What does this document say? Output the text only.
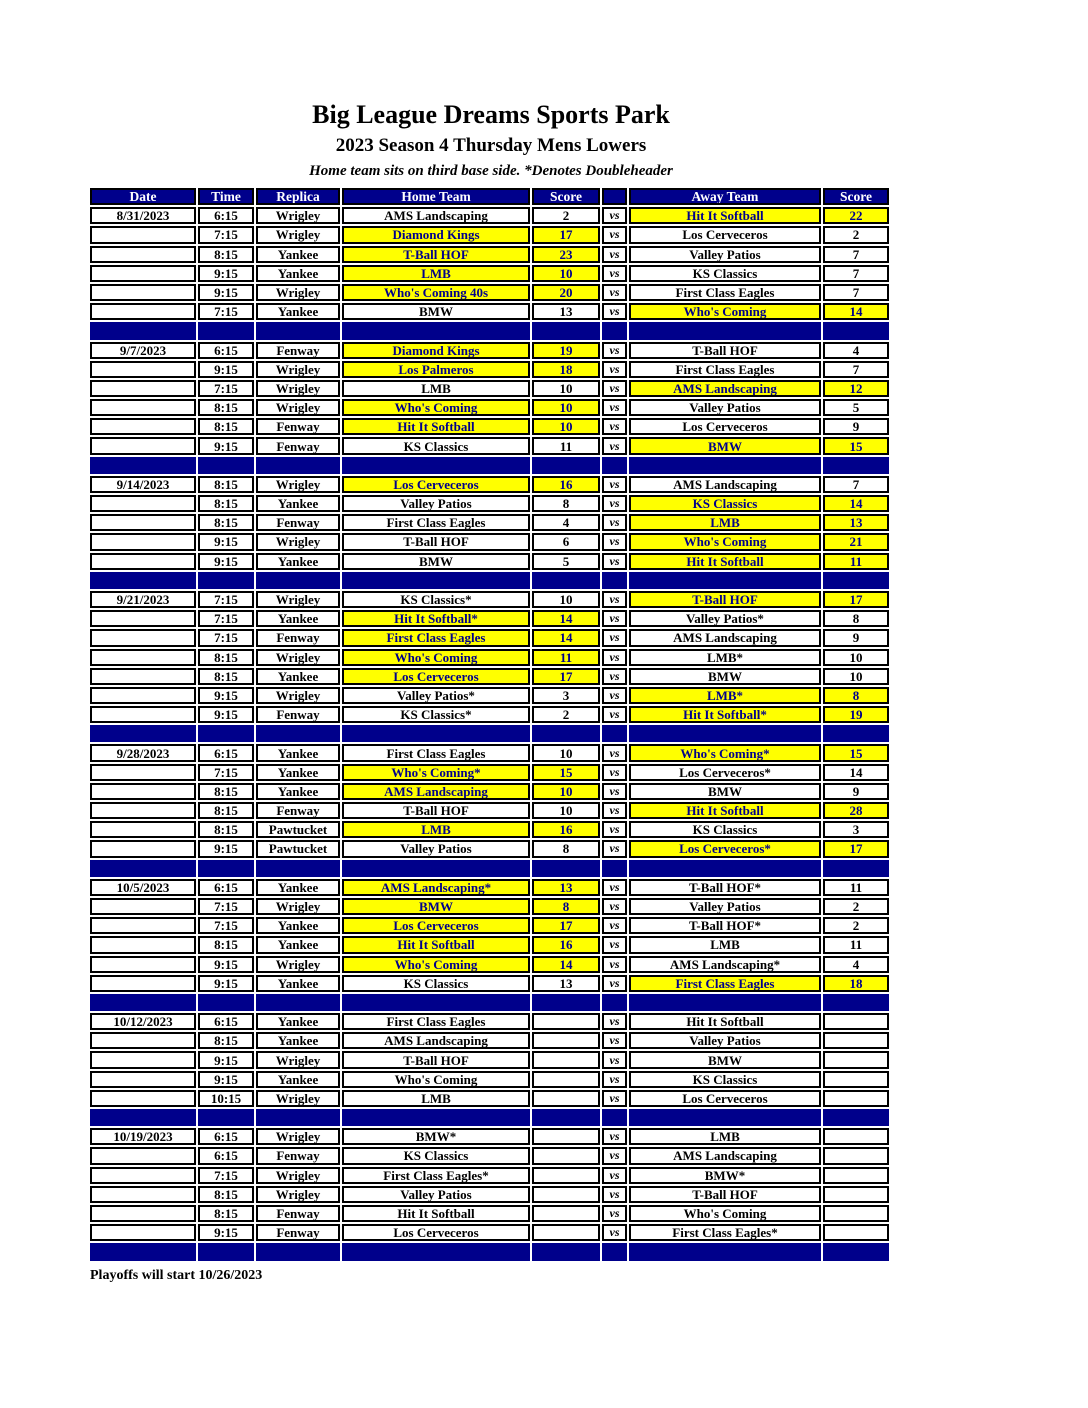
Big League Dreams Sports Park
2023 Season 4 Thursday Mens Lowers
Home team sits on third base side. *Denotes Doubleheader
Date	Time	Replica	Home Team	Score		Away Team	Score
8/31/2023	6:15	Wrigley	AMS Landscaping	2	vs	Hit It Softball	22
	7:15	Wrigley	Diamond Kings	17	vs	Los Cerveceros	2
	8:15	Yankee	T-Ball HOF	23	vs	Valley Patios	7
	9:15	Yankee	LMB	10	vs	KS Classics	7
	9:15	Wrigley	Who's Coming 40s	20	vs	First Class Eagles	7
	7:15	Yankee	BMW	13	vs	Who's Coming	14

9/7/2023	6:15	Fenway	Diamond Kings	19	vs	T-Ball HOF	4
	9:15	Wrigley	Los Palmeros	18	vs	First Class Eagles	7
	7:15	Wrigley	LMB	10	vs	AMS Landscaping	12
	8:15	Wrigley	Who's Coming	10	vs	Valley Patios	5
	8:15	Fenway	Hit It Softball	10	vs	Los Cerveceros	9
	9:15	Fenway	KS Classics	11	vs	BMW	15

9/14/2023	8:15	Wrigley	Los Cerveceros	16	vs	AMS Landscaping	7
	8:15	Yankee	Valley Patios	8	vs	KS Classics	14
	8:15	Fenway	First Class Eagles	4	vs	LMB	13
	9:15	Wrigley	T-Ball HOF	6	vs	Who's Coming	21
	9:15	Yankee	BMW	5	vs	Hit It Softball	11

9/21/2023	7:15	Wrigley	KS Classics*	10	vs	T-Ball HOF	17
	7:15	Yankee	Hit It Softball*	14	vs	Valley Patios*	8
	7:15	Fenway	First Class Eagles	14	vs	AMS Landscaping	9
	8:15	Wrigley	Who's Coming	11	vs	LMB*	10
	8:15	Yankee	Los Cerveceros	17	vs	BMW	10
	9:15	Wrigley	Valley Patios*	3	vs	LMB*	8
	9:15	Fenway	KS Classics*	2	vs	Hit It Softball*	19

9/28/2023	6:15	Yankee	First Class Eagles	10	vs	Who's Coming*	15
	7:15	Yankee	Who's Coming*	15	vs	Los Cerveceros*	14
	8:15	Yankee	AMS Landscaping	10	vs	BMW	9
	8:15	Fenway	T-Ball HOF	10	vs	Hit It Softball	28
	8:15	Pawtucket	LMB	16	vs	KS Classics	3
	9:15	Pawtucket	Valley Patios	8	vs	Los Cerveceros*	17

10/5/2023	6:15	Yankee	AMS Landscaping*	13	vs	T-Ball HOF*	11
	7:15	Wrigley	BMW	8	vs	Valley Patios	2
	7:15	Yankee	Los Cerveceros	17	vs	T-Ball HOF*	2
	8:15	Yankee	Hit It Softball	16	vs	LMB	11
	9:15	Wrigley	Who's Coming	14	vs	AMS Landscaping*	4
	9:15	Yankee	KS Classics	13	vs	First Class Eagles	18

10/12/2023	6:15	Yankee	First Class Eagles		vs	Hit It Softball	
	8:15	Yankee	AMS Landscaping		vs	Valley Patios	
	9:15	Wrigley	T-Ball HOF		vs	BMW	
	9:15	Yankee	Who's Coming		vs	KS Classics	
	10:15	Wrigley	LMB		vs	Los Cerveceros	

10/19/2023	6:15	Wrigley	BMW*		vs	LMB	
	6:15	Fenway	KS Classics		vs	AMS Landscaping	
	7:15	Wrigley	First Class Eagles*		vs	BMW*	
	8:15	Wrigley	Valley Patios		vs	T-Ball HOF	
	8:15	Fenway	Hit It Softball		vs	Who's Coming	
	9:15	Fenway	Los Cerveceros		vs	First Class Eagles*	

Playoffs will start 10/26/2023
